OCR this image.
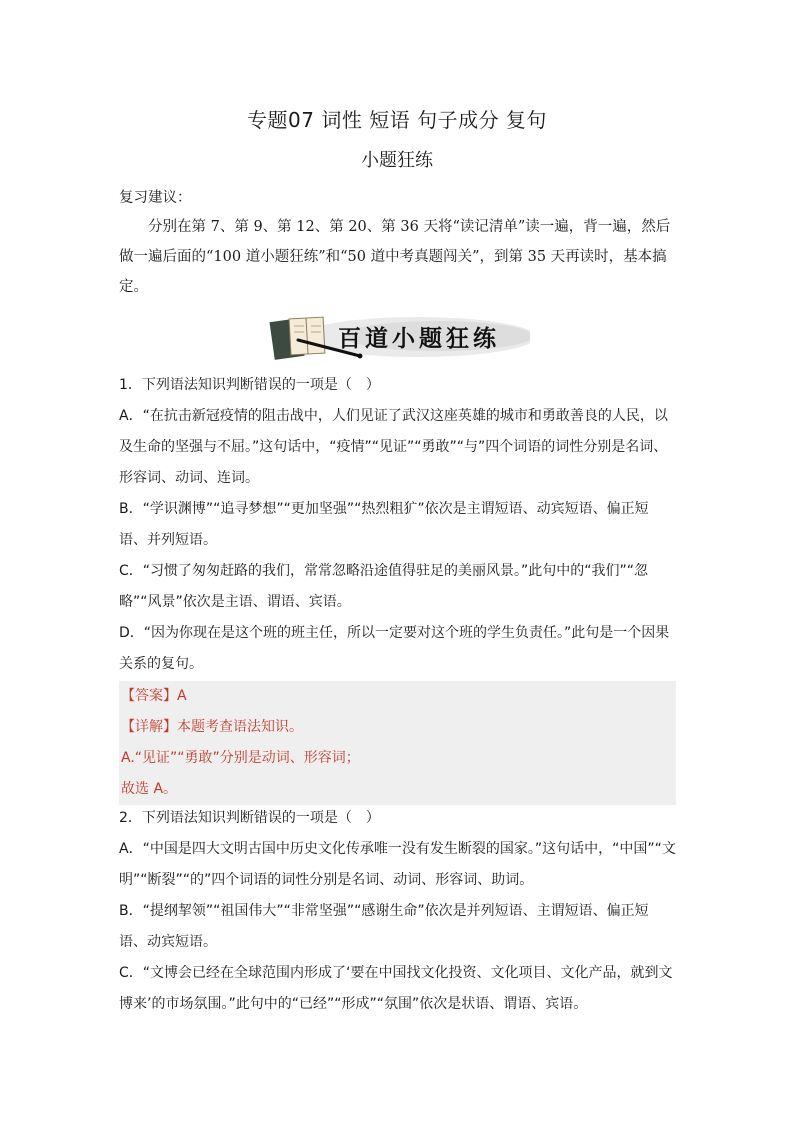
专题07 词性 短语 句子成分 复句
小题狂练
复习建议：
分别在第 7、第 9、第 12、第 20、第 36 天将“读记清单”读一遍，背一遍，然后做一遍后面的“100 道小题狂练”和“50 道中考真题闯关”，到第 35 天再读时，基本搞定。
百道小题狂练

1．下列语法知识判断错误的一项是（　）

A．“在抗击新冠疫情的阻击战中，人们见证了武汉这座英雄的城市和勇敢善良的人民，以及生命的坚强与不屈。”这句话中，“疫情”“见证”“勇敢”“与”四个词语的词性分别是名词、形容词、动词、连词。

B．“学识渊博”“追寻梦想”“更加坚强”“热烈粗犷”依次是主谓短语、动宾短语、偏正短语、并列短语。

C．“习惯了匆匆赶路的我们，常常忽略沿途值得驻足的美丽风景。”此句中的“我们”“忽略”“风景”依次是主语、谓语、宾语。

D．“因为你现在是这个班的班主任，所以一定要对这个班的学生负责任。”此句是一个因果关系的复句。

【答案】A

【详解】本题考查语法知识。

A.“见证”“勇敢”分别是动词、形容词；

故选 A。

2．下列语法知识判断错误的一项是（　）

A．“中国是四大文明古国中历史文化传承唯一没有发生断裂的国家。”这句话中，“中国”“文明”“断裂”“的”四个词语的词性分别是名词、动词、形容词、助词。

B．“提纲挈领”“祖国伟大”“非常坚强”“感谢生命”依次是并列短语、主谓短语、偏正短语、动宾短语。

C．“文博会已经在全球范围内形成了‘要在中国找文化投资、文化项目、文化产品，就到文博来’的市场氛围。”此句中的“已经”“形成”“氛围”依次是状语、谓语、宾语。
